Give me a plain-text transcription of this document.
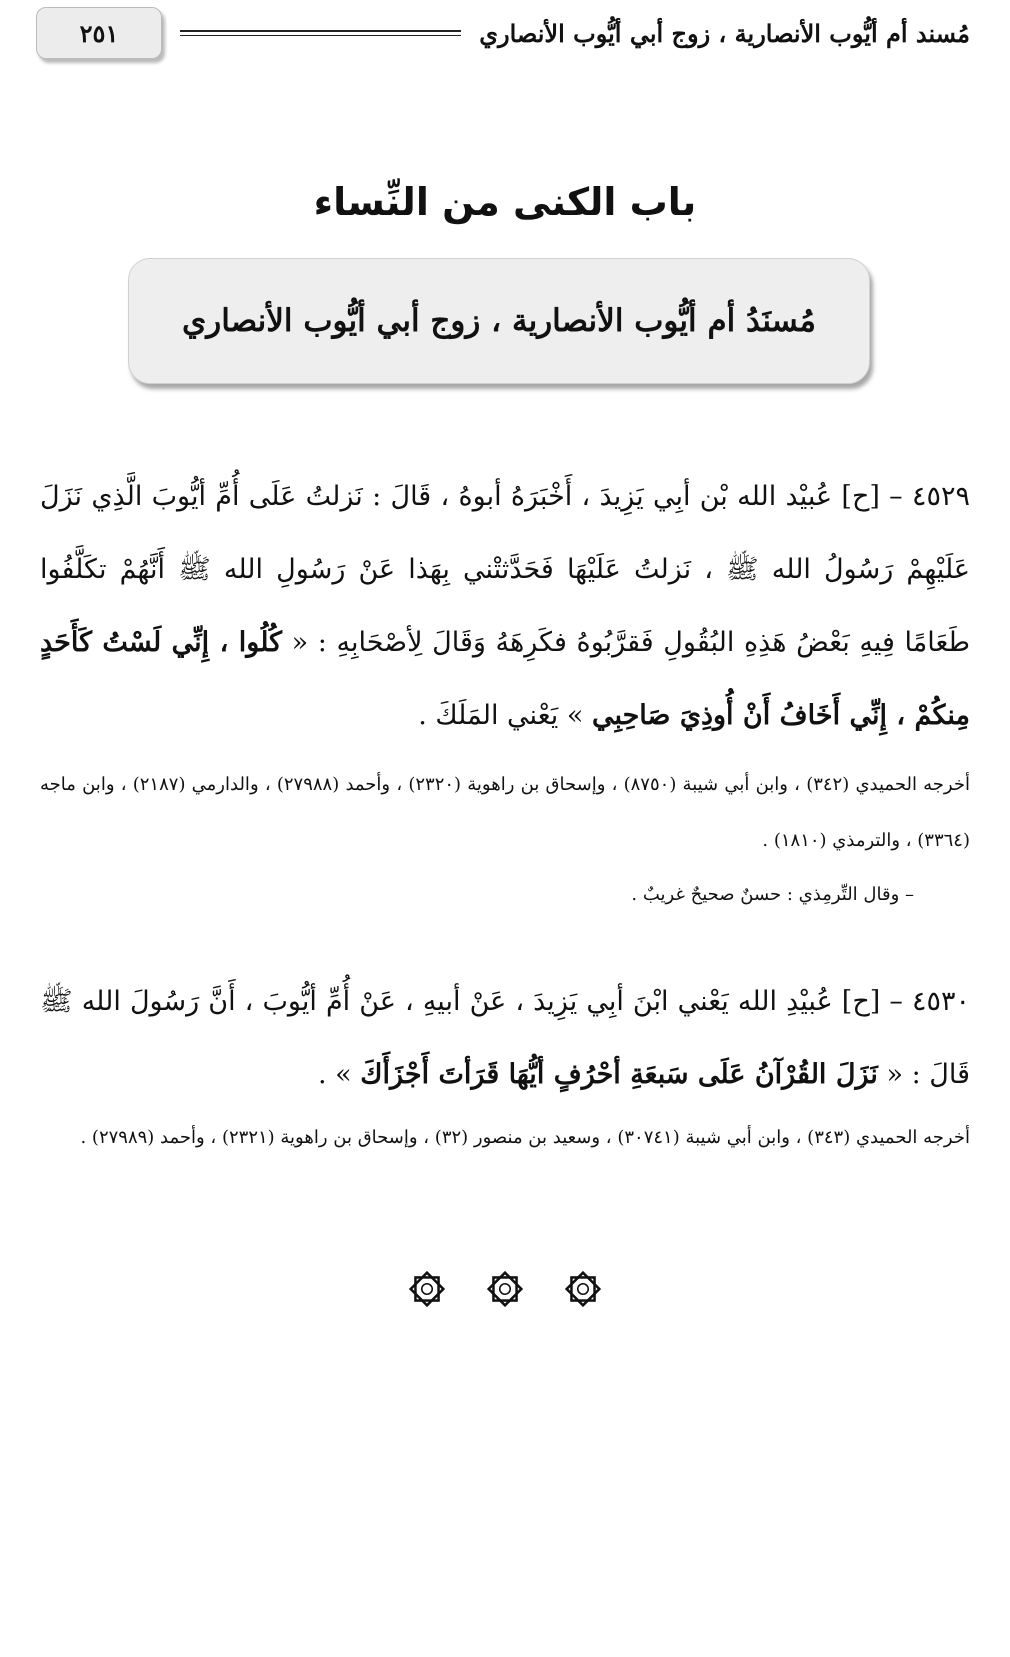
مُسند أم أيُّوب الأنصارية ، زوج أبي أيُّوب الأنصاري
٢٥١
باب الكنى من النِّساء
مُسنَدُ أم أيُّوب الأنصارية ، زوج أبي أيُّوب الأنصاري
٤٥٢٩ – [ح] عُبيْد الله بْن أبِي يَزِيدَ ، أَخْبَرَهُ أبوهُ ، قَالَ : نَزلتُ عَلَى أُمِّ أيُّوبَ الَّذِي نَزَلَ عَلَيْهِمْ رَسُولُ الله ﷺ ، نَزلتُ عَلَيْهَا فَحَدَّثتْني بِهَذا عَنْ رَسُولِ الله ﷺ أَنَّهُمْ تكَلَّفُوا طَعَامًا فِيهِ بَعْضُ هَذِهِ البُقُولِ فَقرَّبُوهُ فكَرِهَهُ وَقَالَ لِأصْحَابِهِ : « كُلُوا ، إِنِّي لَسْتُ كَأَحَدٍ مِنكُمْ ، إِنِّي أَخَافُ أَنْ أُوذِيَ صَاحِبِي » يَعْني المَلَكَ .
أخرجه الحميدي (٣٤٢) ، وابن أبي شيبة (٨٧٥٠) ، وإسحاق بن راهوية (٢٣٢٠) ، وأحمد (٢٧٩٨٨) ، والدارمي (٢١٨٧) ، وابن ماجه (٣٣٦٤) ، والترمذي (١٨١٠) .
– وقال التِّرمِذي : حسنٌ صحيحٌ غريبٌ .
٤٥٣٠ – [ح] عُبيْدِ الله يَعْني ابْنَ أبِي يَزِيدَ ، عَنْ أبيهِ ، عَنْ أُمِّ أيُّوبَ ، أَنَّ رَسُولَ الله ﷺ قَالَ : « نَزَلَ القُرْآنُ عَلَى سَبعَةِ أحْرُفٍ أيُّهَا قَرَأتَ أَجْزَأَكَ » .
أخرجه الحميدي (٣٤٣) ، وابن أبي شيبة (٣٠٧٤١) ، وسعيد بن منصور (٣٢) ، وإسحاق بن راهوية (٢٣٢١) ، وأحمد (٢٧٩٨٩) .
